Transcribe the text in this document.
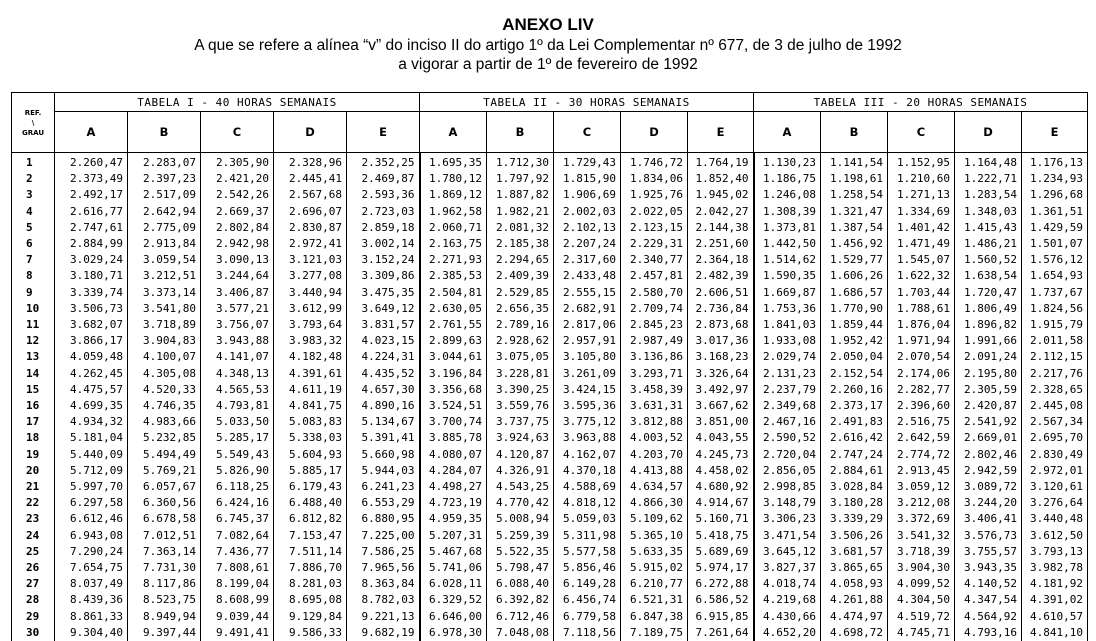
ANEXO LIV
A que se refere a alínea “v” do inciso II do artigo 1º da Lei Complementar nº 677, de 3 de julho de 1992
a vigorar a partir de 1º de fevereiro de 1992
REF.
\
GRAU	TABELA I - 40 HORAS SEMANAIS					TABELA II - 30 HORAS SEMANAIS					TABELA III - 20 HORAS SEMANAIS				
	A	B	C	D	E	A	B	C	D	E	A	B	C	D	E
1	2.260,47	2.283,07	2.305,90	2.328,96	2.352,25	1.695,35	1.712,30	1.729,43	1.746,72	1.764,19	1.130,23	1.141,54	1.152,95	1.164,48	1.176,13
2	2.373,49	2.397,23	2.421,20	2.445,41	2.469,87	1.780,12	1.797,92	1.815,90	1.834,06	1.852,40	1.186,75	1.198,61	1.210,60	1.222,71	1.234,93
3	2.492,17	2.517,09	2.542,26	2.567,68	2.593,36	1.869,12	1.887,82	1.906,69	1.925,76	1.945,02	1.246,08	1.258,54	1.271,13	1.283,54	1.296,68
4	2.616,77	2.642,94	2.669,37	2.696,07	2.723,03	1.962,58	1.982,21	2.002,03	2.022,05	2.042,27	1.308,39	1.321,47	1.334,69	1.348,03	1.361,51
5	2.747,61	2.775,09	2.802,84	2.830,87	2.859,18	2.060,71	2.081,32	2.102,13	2.123,15	2.144,38	1.373,81	1.387,54	1.401,42	1.415,43	1.429,59
6	2.884,99	2.913,84	2.942,98	2.972,41	3.002,14	2.163,75	2.185,38	2.207,24	2.229,31	2.251,60	1.442,50	1.456,92	1.471,49	1.486,21	1.501,07
7	3.029,24	3.059,54	3.090,13	3.121,03	3.152,24	2.271,93	2.294,65	2.317,60	2.340,77	2.364,18	1.514,62	1.529,77	1.545,07	1.560,52	1.576,12
8	3.180,71	3.212,51	3.244,64	3.277,08	3.309,86	2.385,53	2.409,39	2.433,48	2.457,81	2.482,39	1.590,35	1.606,26	1.622,32	1.638,54	1.654,93
9	3.339,74	3.373,14	3.406,87	3.440,94	3.475,35	2.504,81	2.529,85	2.555,15	2.580,70	2.606,51	1.669,87	1.686,57	1.703,44	1.720,47	1.737,67
10	3.506,73	3.541,80	3.577,21	3.612,99	3.649,12	2.630,05	2.656,35	2.682,91	2.709,74	2.736,84	1.753,36	1.770,90	1.788,61	1.806,49	1.824,56
11	3.682,07	3.718,89	3.756,07	3.793,64	3.831,57	2.761,55	2.789,16	2.817,06	2.845,23	2.873,68	1.841,03	1.859,44	1.876,04	1.896,82	1.915,79
12	3.866,17	3.904,83	3.943,88	3.983,32	4.023,15	2.899,63	2.928,62	2.957,91	2.987,49	3.017,36	1.933,08	1.952,42	1.971,94	1.991,66	2.011,58
13	4.059,48	4.100,07	4.141,07	4.182,48	4.224,31	3.044,61	3.075,05	3.105,80	3.136,86	3.168,23	2.029,74	2.050,04	2.070,54	2.091,24	2.112,15
14	4.262,45	4.305,08	4.348,13	4.391,61	4.435,52	3.196,84	3.228,81	3.261,09	3.293,71	3.326,64	2.131,23	2.152,54	2.174,06	2.195,80	2.217,76
15	4.475,57	4.520,33	4.565,53	4.611,19	4.657,30	3.356,68	3.390,25	3.424,15	3.458,39	3.492,97	2.237,79	2.260,16	2.282,77	2.305,59	2.328,65
16	4.699,35	4.746,35	4.793,81	4.841,75	4.890,16	3.524,51	3.559,76	3.595,36	3.631,31	3.667,62	2.349,68	2.373,17	2.396,60	2.420,87	2.445,08
17	4.934,32	4.983,66	5.033,50	5.083,83	5.134,67	3.700,74	3.737,75	3.775,12	3.812,88	3.851,00	2.467,16	2.491,83	2.516,75	2.541,92	2.567,34
18	5.181,04	5.232,85	5.285,17	5.338,03	5.391,41	3.885,78	3.924,63	3.963,88	4.003,52	4.043,55	2.590,52	2.616,42	2.642,59	2.669,01	2.695,70
19	5.440,09	5.494,49	5.549,43	5.604,93	5.660,98	4.080,07	4.120,87	4.162,07	4.203,70	4.245,73	2.720,04	2.747,24	2.774,72	2.802,46	2.830,49
20	5.712,09	5.769,21	5.826,90	5.885,17	5.944,03	4.284,07	4.326,91	4.370,18	4.413,88	4.458,02	2.856,05	2.884,61	2.913,45	2.942,59	2.972,01
21	5.997,70	6.057,67	6.118,25	6.179,43	6.241,23	4.498,27	4.543,25	4.588,69	4.634,57	4.680,92	2.998,85	3.028,84	3.059,12	3.089,72	3.120,61
22	6.297,58	6.360,56	6.424,16	6.488,40	6.553,29	4.723,19	4.770,42	4.818,12	4.866,30	4.914,67	3.148,79	3.180,28	3.212,08	3.244,20	3.276,64
23	6.612,46	6.678,58	6.745,37	6.812,82	6.880,95	4.959,35	5.008,94	5.059,03	5.109,62	5.160,71	3.306,23	3.339,29	3.372,69	3.406,41	3.440,48
24	6.943,08	7.012,51	7.082,64	7.153,47	7.225,00	5.207,31	5.259,39	5.311,98	5.365,10	5.418,75	3.471,54	3.506,26	3.541,32	3.576,73	3.612,50
25	7.290,24	7.363,14	7.436,77	7.511,14	7.586,25	5.467,68	5.522,35	5.577,58	5.633,35	5.689,69	3.645,12	3.681,57	3.718,39	3.755,57	3.793,13
26	7.654,75	7.731,30	7.808,61	7.886,70	7.965,56	5.741,06	5.798,47	5.856,46	5.915,02	5.974,17	3.827,37	3.865,65	3.904,30	3.943,35	3.982,78
27	8.037,49	8.117,86	8.199,04	8.281,03	8.363,84	6.028,11	6.088,40	6.149,28	6.210,77	6.272,88	4.018,74	4.058,93	4.099,52	4.140,52	4.181,92
28	8.439,36	8.523,75	8.608,99	8.695,08	8.782,03	6.329,52	6.392,82	6.456,74	6.521,31	6.586,52	4.219,68	4.261,88	4.304,50	4.347,54	4.391,02
29	8.861,33	8.949,94	9.039,44	9.129,84	9.221,13	6.646,00	6.712,46	6.779,58	6.847,38	6.915,85	4.430,66	4.474,97	4.519,72	4.564,92	4.610,57
30	9.304,40	9.397,44	9.491,41	9.586,33	9.682,19	6.978,30	7.048,08	7.118,56	7.189,75	7.261,64	4.652,20	4.698,72	4.745,71	4.793,16	4.841,10
